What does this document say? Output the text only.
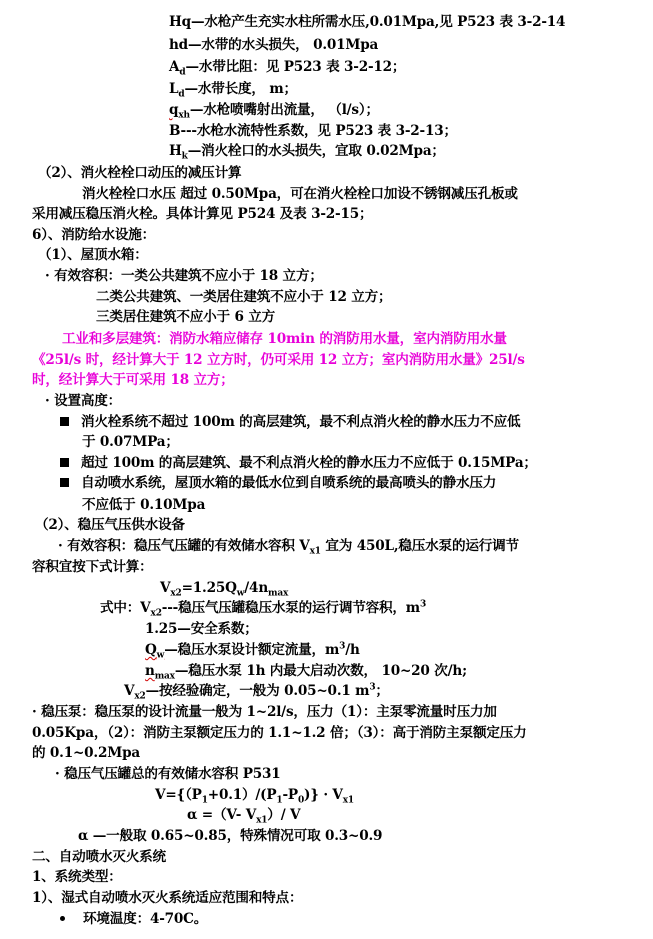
Hq—水枪产生充实水柱所需水压,0.01Mpa,见 P523 表 3-2-14
hd—水带的水头损失， 0.01Mpa
$A_d—$水带比阻：见 P523 表 3-2-12；
$L_d—$水带长度， m；
$q_{xh}—$水枪喷嘴射出流量， （l/s）；
B---水枪水流特性系数，见 P523 表 3-2-13；
$H_k—$消火栓口的水头损失，宜取 0.02Mpa；
（2）、消火栓栓口动压的减压计算
消火栓栓口水压 超过 0.50Mpa，可在消火栓栓口加设不锈钢减压孔板或
采用减压稳压消火栓。具体计算见 P524 及表 3-2-15；
6）、消防给水设施：
（1）、屋顶水箱：
· 有效容积：一类公共建筑不应小于 18 立方；
二类公共建筑、一类居住建筑不应小于 12 立方；
三类居住建筑不应小于 6 立方
工业和多层建筑：消防水箱应储存 10min 的消防用水量，室内消防用水量
《25l/s 时，经计算大于 12 立方时，仍可采用 12 立方；室内消防用水量》25l/s
时，经计算大于可采用 18 立方；
· 设置高度：
消火栓系统不超过 100m 的高层建筑，最不利点消火栓的静水压力不应低
于 0.07MPa；
超过 100m 的高层建筑、最不利点消火栓的静水压力不应低于 0.15MPa；
自动喷水系统，屋顶水箱的最低水位到自喷系统的最高喷头的静水压力
不应低于 0.10Mpa
（2）、稳压气压供水设备
· 有效容积：稳压气压罐的有效储水容积 $V_{x1}$ 宜为 450L,稳压水泵的运行调节
容积宜按下式计算：
$V_{x2}=1.25Q_w/4n_{max}$
式中：$V_{x2}---$稳压气压罐稳压水泵的运行调节容积，$m^3$
1.25—安全系数；
$Q_w—$稳压水泵设计额定流量，$m^3/h$
$n_{max}—$稳压水泵 1h 内最大启动次数， 10~20 次/h;
$V_{x2}—$按经验确定，一般为 0.05~0.1 $m^3$；
· 稳压泵：稳压泵的设计流量一般为 1~2l/s，压力（1）：主泵零流量时压力加
0.05Kpa，（2）：消防主泵额定压力的 1.1~1.2 倍；（3）：高于消防主泵额定压力
的 0.1~0.2Mpa
· 稳压气压罐总的有效储水容积 P531
$V=\{(P_1+0.1)/(P_1-P_0)\} \cdot V_{x1}$
α =（V- $V_{x1})/$ V
α —一般取 0.65~0.85，特殊情况可取 0.3~0.9
二、自动喷水灭火系统
1、系统类型：
1）、湿式自动喷水灭火系统适应范围和特点：
环境温度：4-70C。
